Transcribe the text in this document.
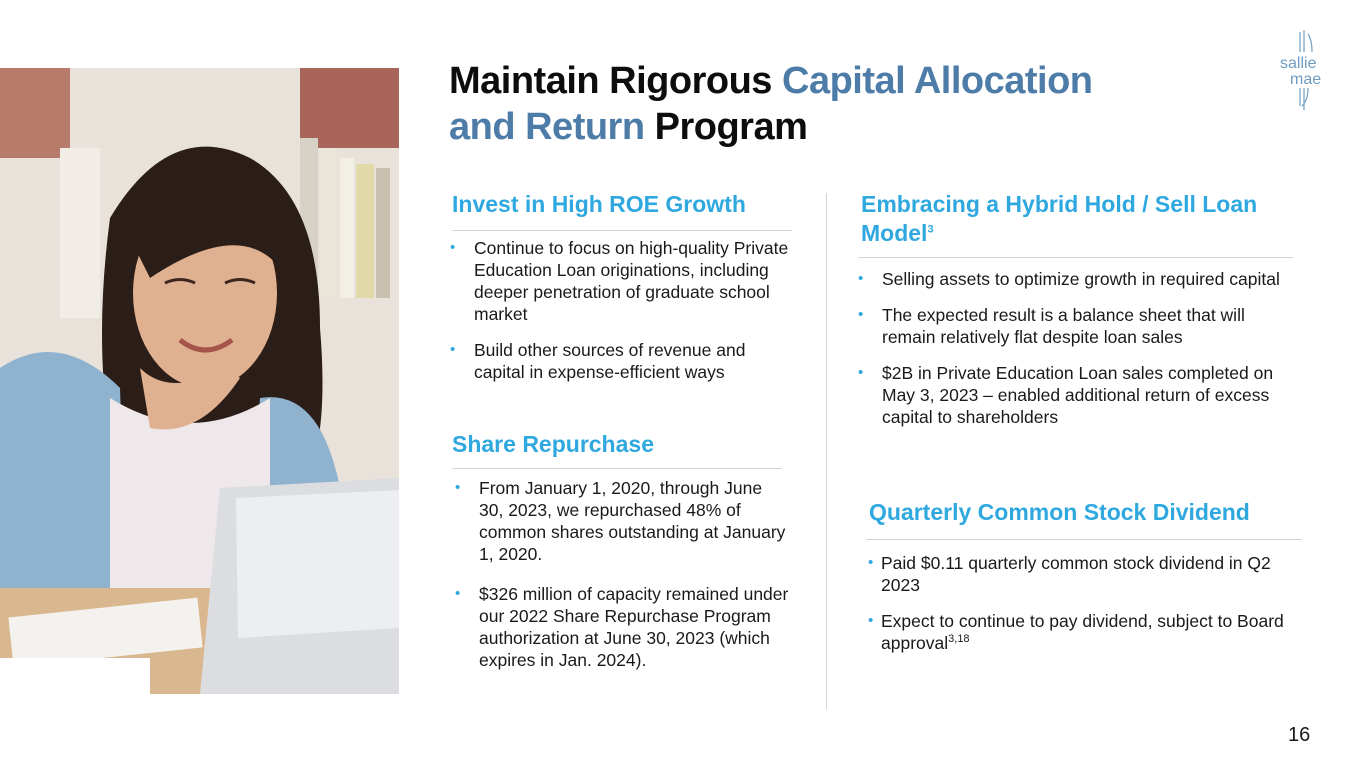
Maintain Rigorous Capital Allocation
and Return Program
sallie
mae
Invest in High ROE Growth
• Continue to focus on high-quality Private Education Loan originations, including deeper penetration of graduate school market
• Build other sources of revenue and capital in expense-efficient ways
Share Repurchase
• From January 1, 2020, through June 30, 2023, we repurchased 48% of common shares outstanding at January 1, 2020.
• $326 million of capacity remained under our 2022 Share Repurchase Program authorization at June 30, 2023 (which expires in Jan. 2024).
Embracing a Hybrid Hold / Sell Loan Model$^3$
• Selling assets to optimize growth in required capital
• The expected result is a balance sheet that will remain relatively flat despite loan sales
• $2B in Private Education Loan sales completed on May 3, 2023 – enabled additional return of excess capital to shareholders
Quarterly Common Stock Dividend
• Paid $0.11 quarterly common stock dividend in Q2 2023
• Expect to continue to pay dividend, subject to Board approval$^{3,18}$
16
